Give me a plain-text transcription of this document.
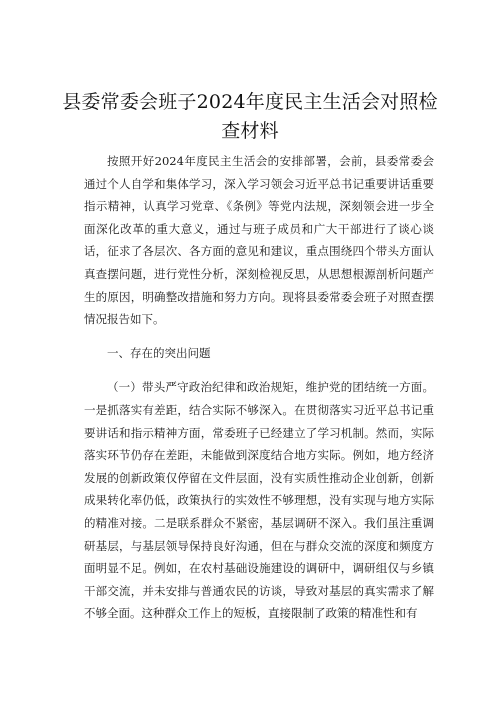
县委常委会班子2024年度民主生活会对照检查材料

按照开好2024年度民主生活会的安排部署，会前，县委常委会通过个人自学和集体学习，深入学习领会习近平总书记重要讲话重要指示精神，认真学习党章、《条例》等党内法规，深刻领会进一步全面深化改革的重大意义，通过与班子成员和广大干部进行了谈心谈话，征求了各层次、各方面的意见和建议，重点围绕四个带头方面认真查摆问题，进行党性分析，深刻检视反思，从思想根源剖析问题产生的原因，明确整改措施和努力方向。现将县委常委会班子对照查摆情况报告如下。

一、存在的突出问题

（一）带头严守政治纪律和政治规矩，维护党的团结统一方面。一是抓落实有差距，结合实际不够深入。在贯彻落实习近平总书记重要讲话和指示精神方面，常委班子已经建立了学习机制。然而，实际落实环节仍存在差距，未能做到深度结合地方实际。例如，地方经济发展的创新政策仅停留在文件层面，没有实质性推动企业创新，创新成果转化率仍低，政策执行的实效性不够理想，没有实现与地方实际的精准对接。二是联系群众不紧密，基层调研不深入。我们虽注重调研基层，与基层领导保持良好沟通，但在与群众交流的深度和频度方面明显不足。例如，在农村基础设施建设的调研中，调研组仅与乡镇干部交流，并未安排与普通农民的访谈，导致对基层的真实需求了解不够全面。这种群众工作上的短板，直接限制了政策的精准性和有
